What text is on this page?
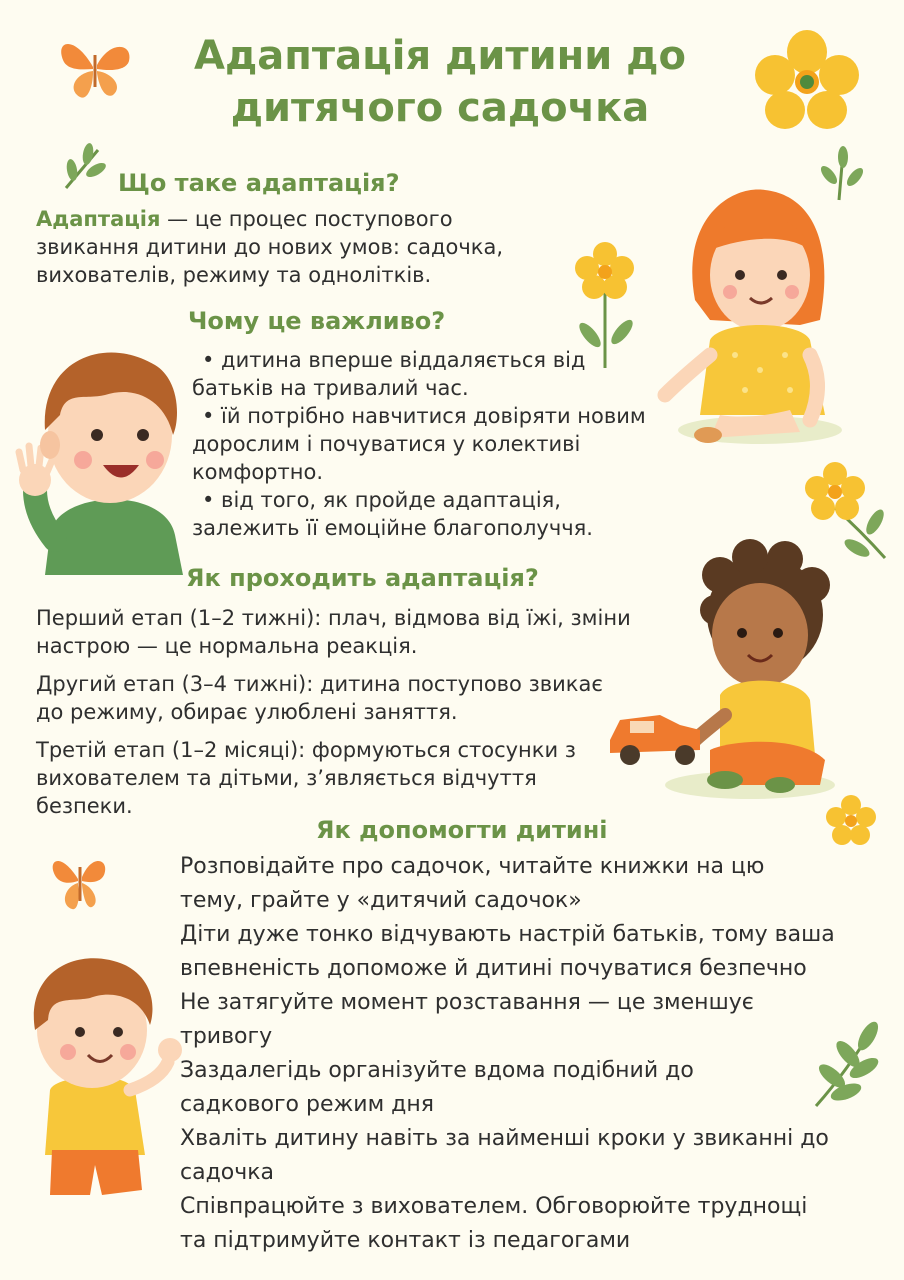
Адаптація дитини до дитячого садочка
Що таке адаптація?

Адаптація — це процес поступового

звикання дитини до нових умов: садочка,

вихователів, режиму та однолітків.

Чому це важливо?

• дитина вперше віддаляється від

батьків на тривалий час.

• їй потрібно навчитися довіряти новим

дорослим і почуватися у колективі

комфортно.

• від того, як пройде адаптація,

залежить її емоційне благополуччя.

Як проходить адаптація?

Перший етап (1–2 тижні): плач, відмова від їжі, зміни

настрою — це нормальна реакція.

Другий етап (3–4 тижні): дитина поступово звикає

до режиму, обирає улюблені заняття.

Третій етап (1–2 місяці): формуються стосунки з

вихователем та дітьми, з’являється відчуття

безпеки.

Як допомогти дитині

Розповідайте про садочок, читайте книжки на цю

тему, грайте у «дитячий садочок»

Діти дуже тонко відчувають настрій батьків, тому ваша

впевненість допоможе й дитині почуватися безпечно

Не затягуйте момент розставання — це зменшує

тривогу

Заздалегідь організуйте вдома подібний до

садкового режим дня

Хваліть дитину навіть за найменші кроки у звиканні до

садочка

Співпрацюйте з вихователем. Обговорюйте труднощі

та підтримуйте контакт із педагогами
